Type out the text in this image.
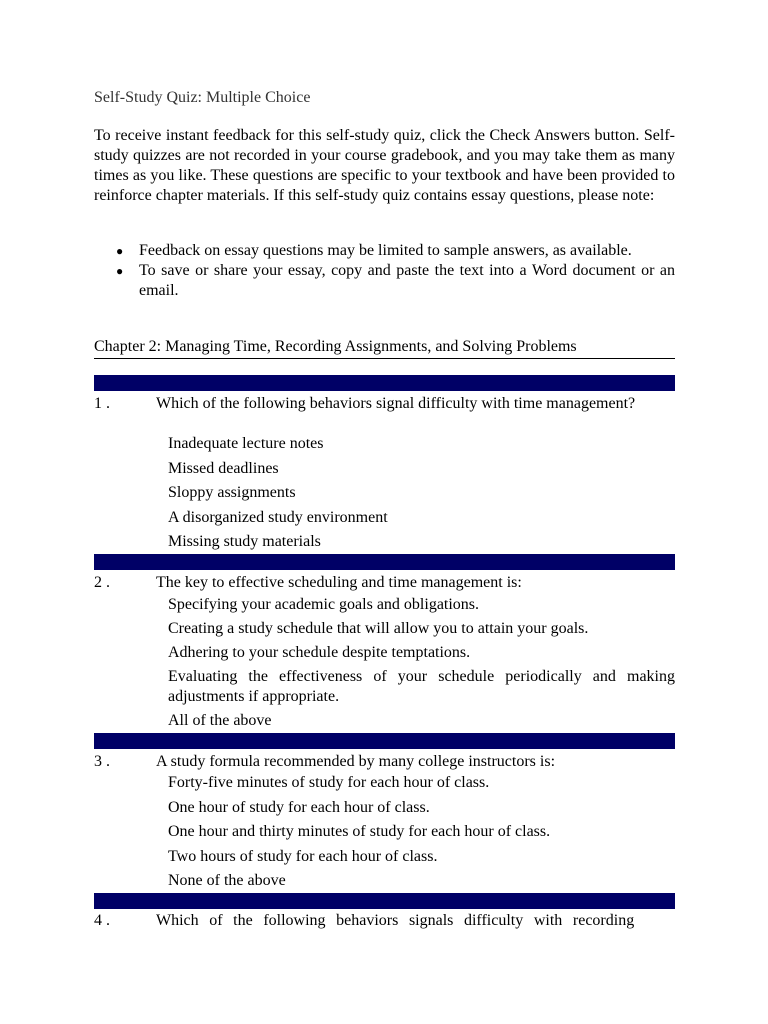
Self-Study Quiz: Multiple Choice
To receive instant feedback for this self-study quiz, click the Check Answers button. Self-study quizzes are not recorded in your course gradebook, and you may take them as many times as you like. These questions are specific to your textbook and have been provided to reinforce chapter materials. If this self-study quiz contains essay questions, please note:
● Feedback on essay questions may be limited to sample answers, as available.
● To save or share your essay, copy and paste the text into a Word document or an email.
Chapter 2: Managing Time, Recording Assignments, and Solving Problems
1 .	Which of the following behaviors signal difficulty with time management?
Inadequate lecture notes
Missed deadlines
Sloppy assignments
A disorganized study environment
Missing study materials
2 .	The key to effective scheduling and time management is:
Specifying your academic goals and obligations.
Creating a study schedule that will allow you to attain your goals.
Adhering to your schedule despite temptations.
Evaluating the effectiveness of your schedule periodically and making adjustments if appropriate.
All of the above
3 .	A study formula recommended by many college instructors is:
Forty-five minutes of study for each hour of class.
One hour of study for each hour of class.
One hour and thirty minutes of study for each hour of class.
Two hours of study for each hour of class.
None of the above
4 .	Which of the following behaviors signals difficulty with recording
